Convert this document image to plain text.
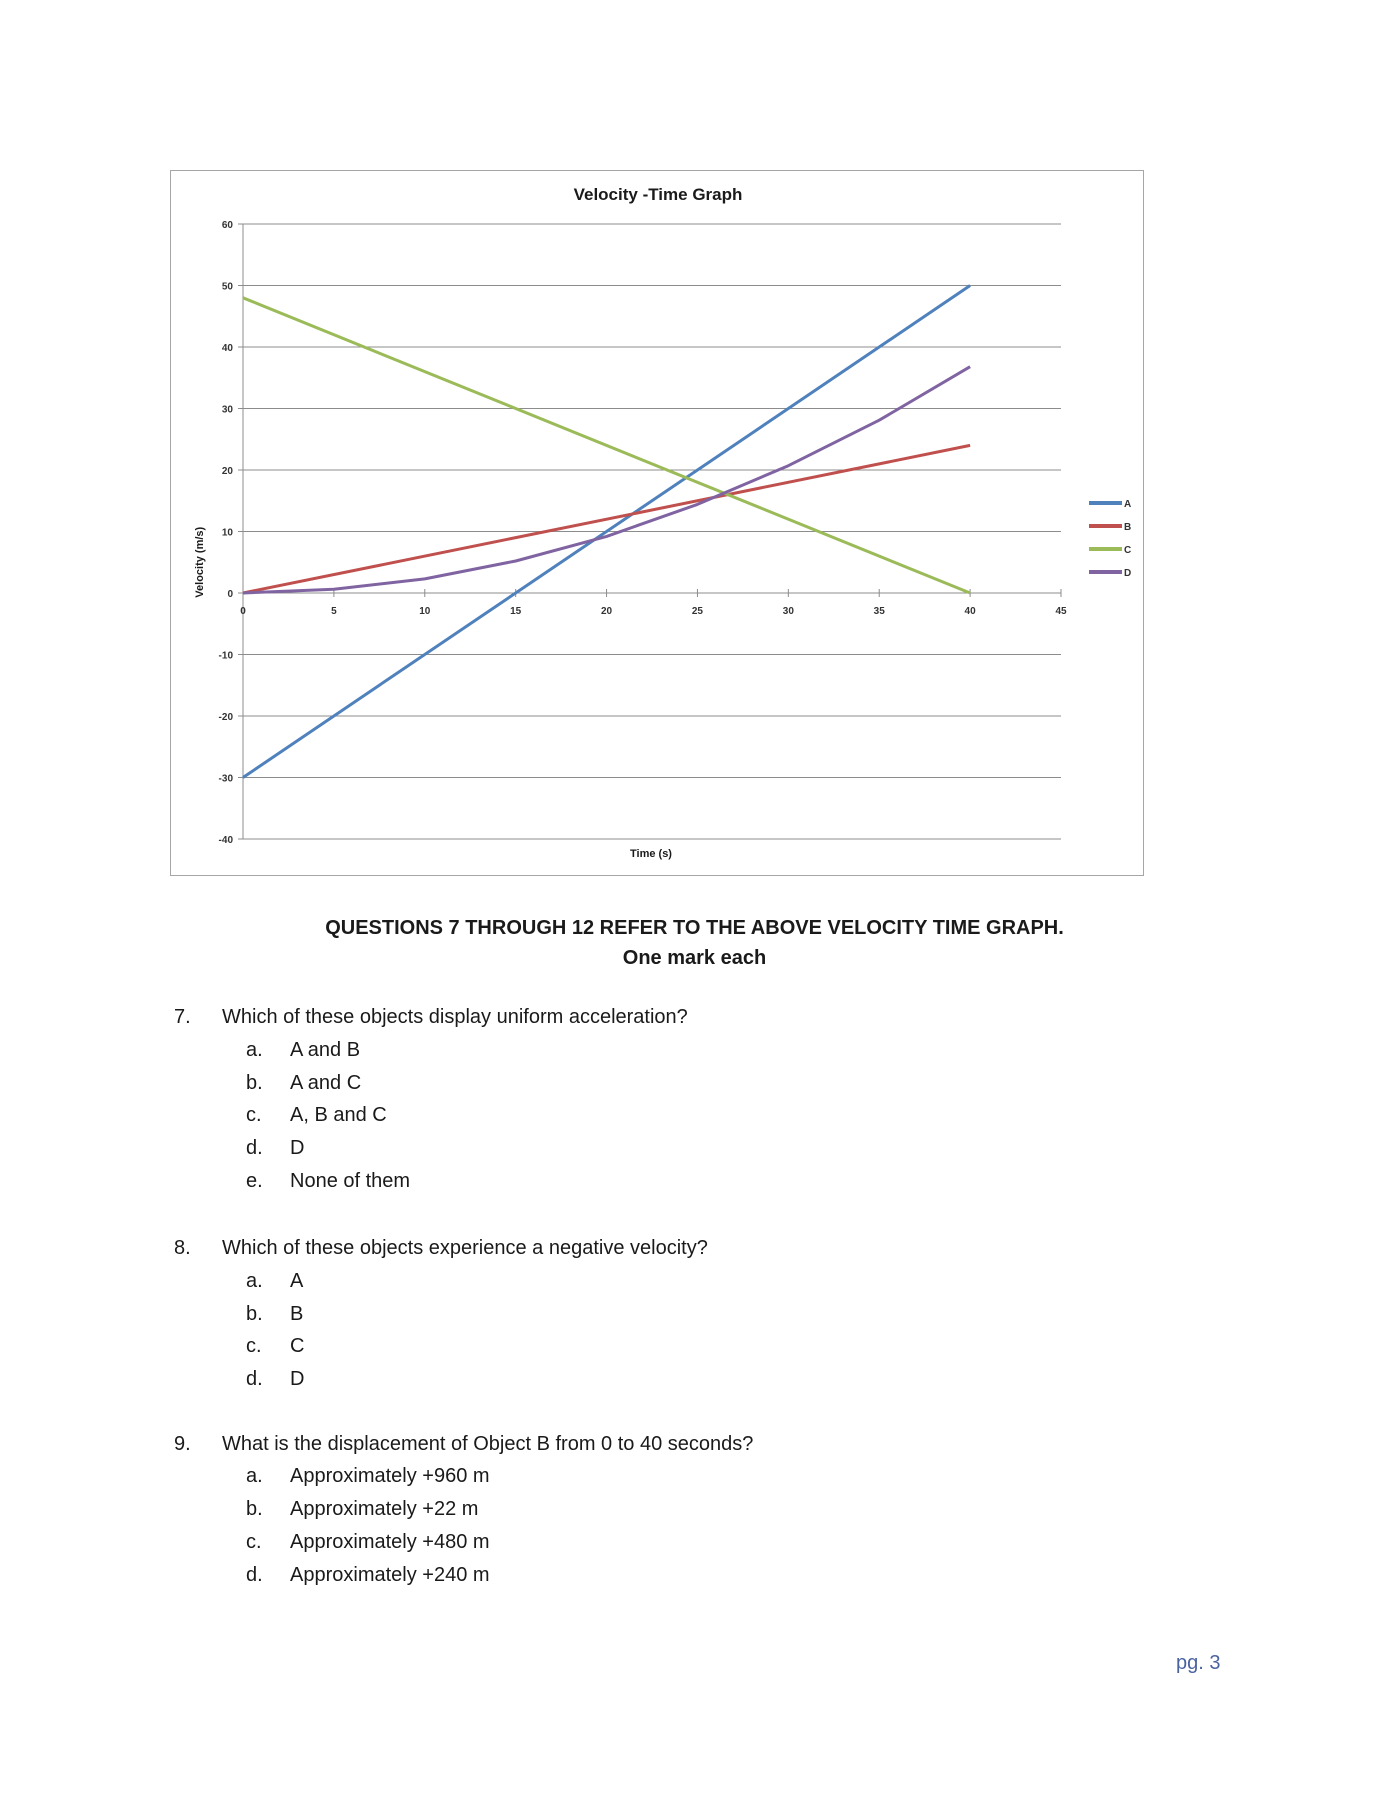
-40
-30
-20
-10
0
10
20
30
40
50
60
0	5	10	15	20	25	30	35	40	45
Velocity -Time Graph
Time (s)
Velocity (m/s)
A
B
C
D
QUESTIONS 7 THROUGH 12 REFER TO THE ABOVE VELOCITY TIME GRAPH.
One mark each
7. Which of these objects display uniform acceleration?
a. A and B
b. A and C
c. A, B and C
d. D
e. None of them
8. Which of these objects experience a negative velocity?
a. A
b. B
c. C
d. D
9. What is the displacement of Object B from 0 to 40 seconds?
a. Approximately +960 m
b. Approximately +22 m
c. Approximately +480 m
d. Approximately +240 m
pg. 3
